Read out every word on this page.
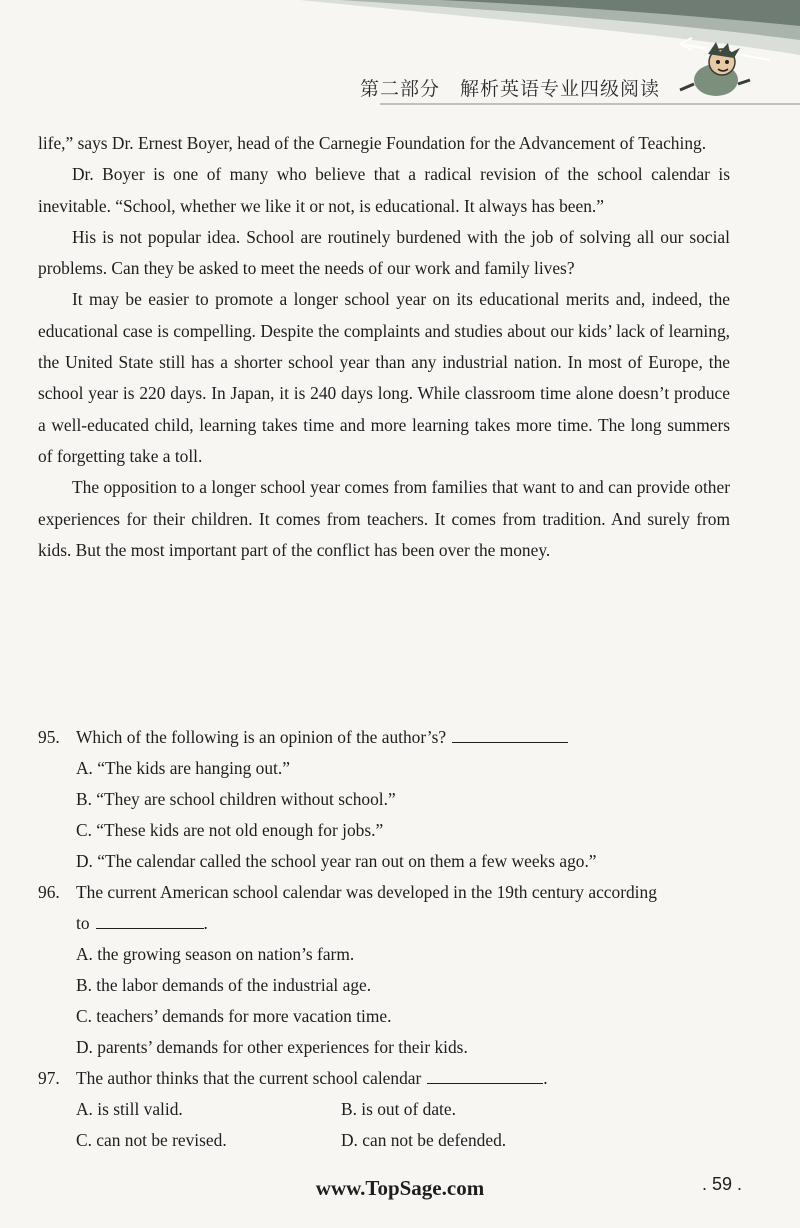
第二部分　解析英语专业四级阅读

life,” says Dr. Ernest Boyer, head of the Carnegie Foundation for the Advancement of Teaching.

Dr. Boyer is one of many who believe that a radical revision of the school calendar is inevitable. “School, whether we like it or not, is educational. It always has been.”

His is not popular idea. School are routinely burdened with the job of solving all our social problems. Can they be asked to meet the needs of our work and family lives?

It may be easier to promote a longer school year on its educational merits and, indeed, the educational case is compelling. Despite the complaints and studies about our kids’ lack of learning, the United State still has a shorter school year than any industrial nation. In most of Europe, the school year is 220 days. In Japan, it is 240 days long. While classroom time alone doesn’t produce a well-educated child, learning takes time and more learning takes more time. The long summers of forgetting take a toll.

The opposition to a longer school year comes from families that want to and can provide other experiences for their children. It comes from teachers. It comes from tradition. And surely from kids. But the most important part of the conflict has been over the money.

95. Which of the following is an opinion of the author’s?

A. “The kids are hanging out.”

B. “They are school children without school.”

C. “These kids are not old enough for jobs.”

D. “The calendar called the school year ran out on them a few weeks ago.”

96. The current American school calendar was developed in the 19th century according

to	.

A. the growing season on nation’s farm.

B. the labor demands of the industrial age.

C. teachers’ demands for more vacation time.

D. parents’ demands for other experiences for their kids.

97. The author thinks that the current school calendar	.

A. is still valid.	B. is out of date.

C. can not be revised.	D. can not be defended.

www.TopSage.com	. 59 .
